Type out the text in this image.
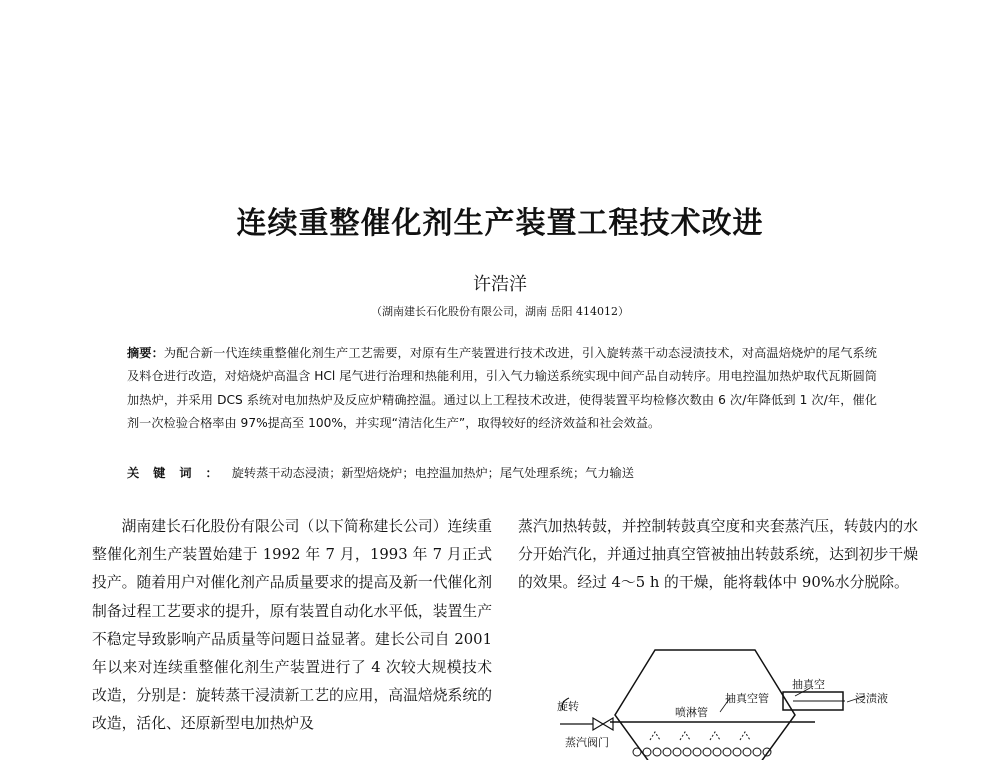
连续重整催化剂生产装置工程技术改进
许浩洋
（湖南建长石化股份有限公司，湖南 岳阳 414012）
摘要：为配合新一代连续重整催化剂生产工艺需要，对原有生产装置进行技术改进，引入旋转蒸干动态浸渍技术，对高温焙烧炉的尾气系统及料仓进行改造，对焙烧炉高温含 HCl 尾气进行治理和热能利用，引入气力输送系统实现中间产品自动转序。用电控温加热炉取代瓦斯圆筒加热炉，并采用 DCS 系统对电加热炉及反应炉精确控温。通过以上工程技术改进，使得装置平均检修次数由 6 次/年降低到 1 次/年，催化剂一次检验合格率由 97%提高至 100%，并实现“清洁化生产”，取得较好的经济效益和社会效益。
关键词：旋转蒸干动态浸渍；新型焙烧炉；电控温加热炉；尾气处理系统；气力输送
湖南建长石化股份有限公司（以下简称建长公司）连续重整催化剂生产装置始建于 1992 年 7 月，1993 年 7 月正式投产。随着用户对催化剂产品质量要求的提高及新一代催化剂制备过程工艺要求的提升，原有装置自动化水平低，装置生产不稳定导致影响产品质量等问题日益显著。建长公司自 2001 年以来对连续重整催化剂生产装置进行了 4 次较大规模技术改造，分别是：旋转蒸干浸渍新工艺的应用，高温焙烧系统的改造，活化、还原新型电加热炉及
蒸汽加热转鼓，并控制转鼓真空度和夹套蒸汽压，转鼓内的水分开始汽化，并通过抽真空管被抽出转鼓系统，达到初步干燥的效果。经过 4～5 h 的干燥，能将载体中 90%水分脱除。
抽真空
抽真空管
喷淋管
旋转
蒸汽阀门
浸渍液
